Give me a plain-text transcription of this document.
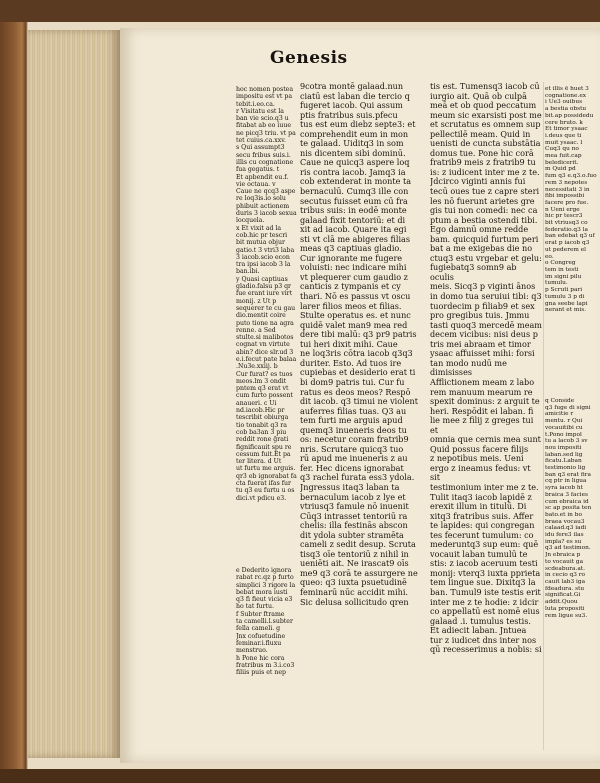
Genesis
hoc nomen postea
impositu est vt pa
tebit.i.eo.ca.
r Visitatu est la
ban vie scio.q3 u
fitabat ab eo iuue
ne picq3 triu. vt pa
tet cuius.ca.xxv.
s Qui assumpt3
secu fribus suis.i.
illis cu cognatione
fua gegatus. t
Et apbendit eu.f.
vie octaua. v
Caue ne qcq3 aspe
re loq3is.io solu
phibuit actionem
duris 3 iacob sexua
locquela.
x Et vixit ad la
cob.hic pr tescri
bit mutua objur
gatio.t 3 vtri3 laba
3 iacob.scio econ
tra ipsi iacob 3 la
ban.ibi.
y Quasi captiuas
gladio.falsu p3 qr
fue erant iure virt
monij. z Ut p
sequerer te cu gau
dio.mentit coire
puto tione na agra
renne. a Sed
stulte.si malibotos
cognat vn virtute
abin? dice slr.ud 3
e.i.fecut pate balaa
.Nu3e.xxiij. b
Cur furat? es tuos
meos.lm 3 ondit
pntem q3 erat vt
cum furto possent
anaueri. c Ui
nd.iacob.Hic pr
tescribit obiurga
tio tonabit q3 ra
cob ba3an 3 piu
reddit rone ḡrati
fignificauit spu re
cessum fuit.Et pa
ter litera. d Ut
ut furtu me arguis.
qr3 eb ignorabat fa
cta fuerat ifas fur
tu q3 eu furtu u os
dici.vt pdicu e3.
e Dederito ignora
rabat rc.qz p furto
simplici 3 rigore la
bebat mora iusti
q3 fi fieut vicia e3
ho tat furtu.
f Subter ftrame
ta camelli.l.subter
fella cameli. g
Jnx cofuetudine
feminar.i.fluxu
menstruo.
h Pone hic cora
fratribus m 3.i.co3
filiis puis et nep
9cotra montē galaad.nun
ciatū est laban die tercio q
fugeret iacob. Qui assum
ptis fratribus suis.pfecu
tus est eum diebz septe3: et
comprehendit eum in mon
te galaad. Uiditq3 in som
nis dicentem sibi dominū.
Caue ne quicq3 aspere loq
ris contra iacob. Jamq3 ia
cob extenderat in monte ta
bernaculū. Cumq3 ille con
secutus fuisset eum cū fra
tribus suis: in eodē monte
galaad fixit tentoriū: et di
xit ad iacob. Quare ita egi
sti vt clā me abigeres filias
meas q3 captiuas gladio.
Cur ignorante me fugere
voluisti: nec indicare mihi
vt plequerer cum gaudio z
canticis z tympanis et cy
thari. Nō es passus vt oscu
larer filios meos et filias.
Stulte operatus es. et nunc
quidē valet man9 mea red
dere tibi malū: q3 pr9 patris
tui heri dixit mihi. Caue
ne loq3ris cōtra iacob q3q3
duriter. Esto. Ad tuos ire
cupiebas et desiderio erat ti
bi dom9 patris tui. Cur fu
ratus es deos meos? Respō
dit iacob. q3 timui ne violent
auferres filias tuas. Q3 au
tem furti me arguis apud
quemq3 inueneris deos tu
os: necetur coram fratrib9
nris. Scrutare quicq3 tuo
rū apud me inueneris z au
fer. Hec dicens ignorabat
q3 rachel furata ess3 ydola.
Jngressus itaq3 laban ta
bernaculum iacob z lye et
vtriusq3 famule nō inuenit
Cūq3 intrasset tentoriū ra
chelis: illa festinās abscon
dit ydola subter stramēta
cameli z sedit desup. Scruta
tisq3 oīe tentoriū z nihil in
ueniēti ait. Ne irascat9 oīs
me9 q3 corā te assurgere ne
queo: q3 iuxta psuetudinē
feminarū nūc accidit mihi.
Sic delusa sollicitudo qren
tis est. Tumensq3 iacob cū
iurgio ait. Quā ob culpā
meā et ob quod peccatum
meum sic exarsisti post me
et scrutatus es omnem sup
pellectilē meam. Quid in
uenisti de cuncta substātia
domus tue. Pone hic corā
fratrib9 meis z fratrib9 tu
is: z iudicent inter me z te.
Jdcirco viginti annis fui
tecū oues tue z capre steri
les nō fuerunt arietes gre
gis tui non comedi: nec ca
ptum a bestia ostendi tibi.
Ego damnū omne redde
bam. quicquid furtum peri
bat a me exigebas die no
ctuq3 estu vrgebar et gelu:
fugiebatq3 somn9 ab oculis
meis. Sicq3 p viginti ānos
in domo tua seruiui tibi: q3
tuordecim p filiab9 et sex
pro gregibus tuis. Jmmu
tasti quoq3 mercedē meam
decem vicibus: nisi deus p
tris mei abraam et timor
ysaac affuisset mihi: forsi
tan modo nudū me dimisisses
Afflictionem meam z labo
rem manuum mearum re
spexit dominus: z arguit te
heri. Respōdit ei laban. fi
lie mee z filij z greges tui et
omnia que cernis mea sunt
Quid possus facere filijs
z nepotibus meis. Ueni
ergo z ineamus fedus: vt sit
testimonium inter me z te.
Tulit itaq3 iacob lapidē z
erexit illum in titulū. Di
xitq3 fratribus suis. Affer
te lapides: qui congregan
tes fecerunt tumulum: co
mederuntq3 sup eum: quē
vocauit laban tumulū te
stis: z iacob aceruum testi
monij: vterq3 iuxta pprieta
tem lingue sue. Dixitq3 la
ban. Tumul9 iste testis erit
inter me z te hodie: z idcir
co appellatū est nomē eius
galaad .i. tumulus testis.
Et adiecit laban. Jntuea
tur z iudicet dns inter nos
qū recesserimus a nobis: si
et illis ē huet 3
cognatione.ex
i Ue3 ouibus
a bestia obstu
bit.ap possidedu
cere bruto. k
Et timor ysaac
i.deus que ti
muit ysaac. l
Cuq3 qu no
mea fuit.cap
beledicerit.
m Quid pd
fum q3 e.q3.o.fuo
rem 3 nepotes
necessitati 3 in
fibi impossibi
facere pro fue.
n Ueni erge
hic pr tescr3
bit vtriusq3 co
federatio.q3 la
ban edebat q3 uf
erat p iacob q3
ut pederem el
eo.
o Congreg
tem in testi
im signi pilu
tumulu.
p Scruti pari
tumulu 3 p di
gna seebe lapi
nerant et mis.
q Conside
q3 fuge di signi
amicitie r
mentu. r Qui
vocauitibi cu
t.Pono impol
tu a lacob 3 sv
nou impositi
laban.sed lig
ficatu.Laban
testimonio lig
ban q3 erat fira
cq ptr in ligua
syra iacob ht
braica 3 facies
cum ebraica id
sc ap posita ten
bato.et in bo
braea vocau3
calaad.q3 iadi
idu fere3 ilas
impla? es su
q3 ad testimon.
Jn ebraica p
to vocauit ga
scdeabura.at.
in cecio q3 ro
cauit lab3 iga
fdeadura. stu
significat.Gi
addit.Quou
luta propositi
rem ligue su3.
